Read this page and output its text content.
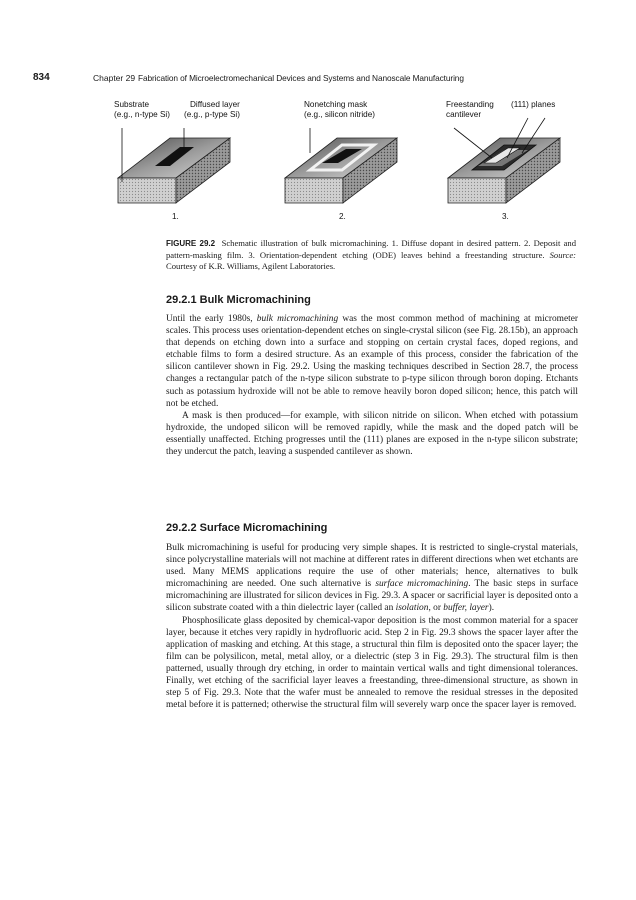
834	Chapter 29 Fabrication of Microelectromechanical Devices and Systems and Nanoscale Manufacturing
Substrate
(e.g., n-type Si)
Diffused layer
(e.g., p-type Si)
Nonetching mask
(e.g., silicon nitride)
Freestanding
cantilever
(111) planes
1.	2.	3.
FIGURE 29.2 Schematic illustration of bulk micromachining. 1. Diffuse dopant in desired pattern. 2. Deposit and pattern-masking film. 3. Orientation-dependent etching (ODE) leaves behind a freestanding structure. Source: Courtesy of K.R. Williams, Agilent Laboratories.
29.2.1 Bulk Micromachining

Until the early 1980s, bulk micromachining was the most common method of machining at micrometer scales. This process uses orientation-dependent etches on single-crystal silicon (see Fig. 28.15b), an approach that depends on etching down into a surface and stopping on certain crystal faces, doped regions, and etchable films to form a desired structure. As an example of this process, consider the fabrication of the silicon cantilever shown in Fig. 29.2. Using the masking techniques described in Section 28.7, the process changes a rectangular patch of the n-type silicon substrate to p-type silicon through boron doping. Etchants such as potassium hydroxide will not be able to remove heavily boron doped silicon; hence, this patch will not be etched.

A mask is then produced—for example, with silicon nitride on silicon. When etched with potassium hydroxide, the undoped silicon will be removed rapidly, while the mask and the doped patch will be essentially unaffected. Etching progresses until the (111) planes are exposed in the n-type silicon substrate; they undercut the patch, leaving a suspended cantilever as shown.

29.2.2 Surface Micromachining

Bulk micromachining is useful for producing very simple shapes. It is restricted to single-crystal materials, since polycrystalline materials will not machine at different rates in different directions when wet etchants are used. Many MEMS applications require the use of other materials; hence, alternatives to bulk micromachining are needed. One such alternative is surface micromachining. The basic steps in surface micromachining are illustrated for silicon devices in Fig. 29.3. A spacer or sacrificial layer is deposited onto a silicon substrate coated with a thin dielectric layer (called an isolation, or buffer, layer).

Phosphosilicate glass deposited by chemical-vapor deposition is the most common material for a spacer layer, because it etches very rapidly in hydrofluoric acid. Step 2 in Fig. 29.3 shows the spacer layer after the application of masking and etching. At this stage, a structural thin film is deposited onto the spacer layer; the film can be polysilicon, metal, metal alloy, or a dielectric (step 3 in Fig. 29.3). The structural film is then patterned, usually through dry etching, in order to maintain vertical walls and tight dimensional tolerances. Finally, wet etching of the sacrificial layer leaves a freestanding, three-dimensional structure, as shown in step 5 of Fig. 29.3. Note that the wafer must be annealed to remove the residual stresses in the deposited metal before it is patterned; otherwise the structural film will severely warp once the spacer layer is removed.
